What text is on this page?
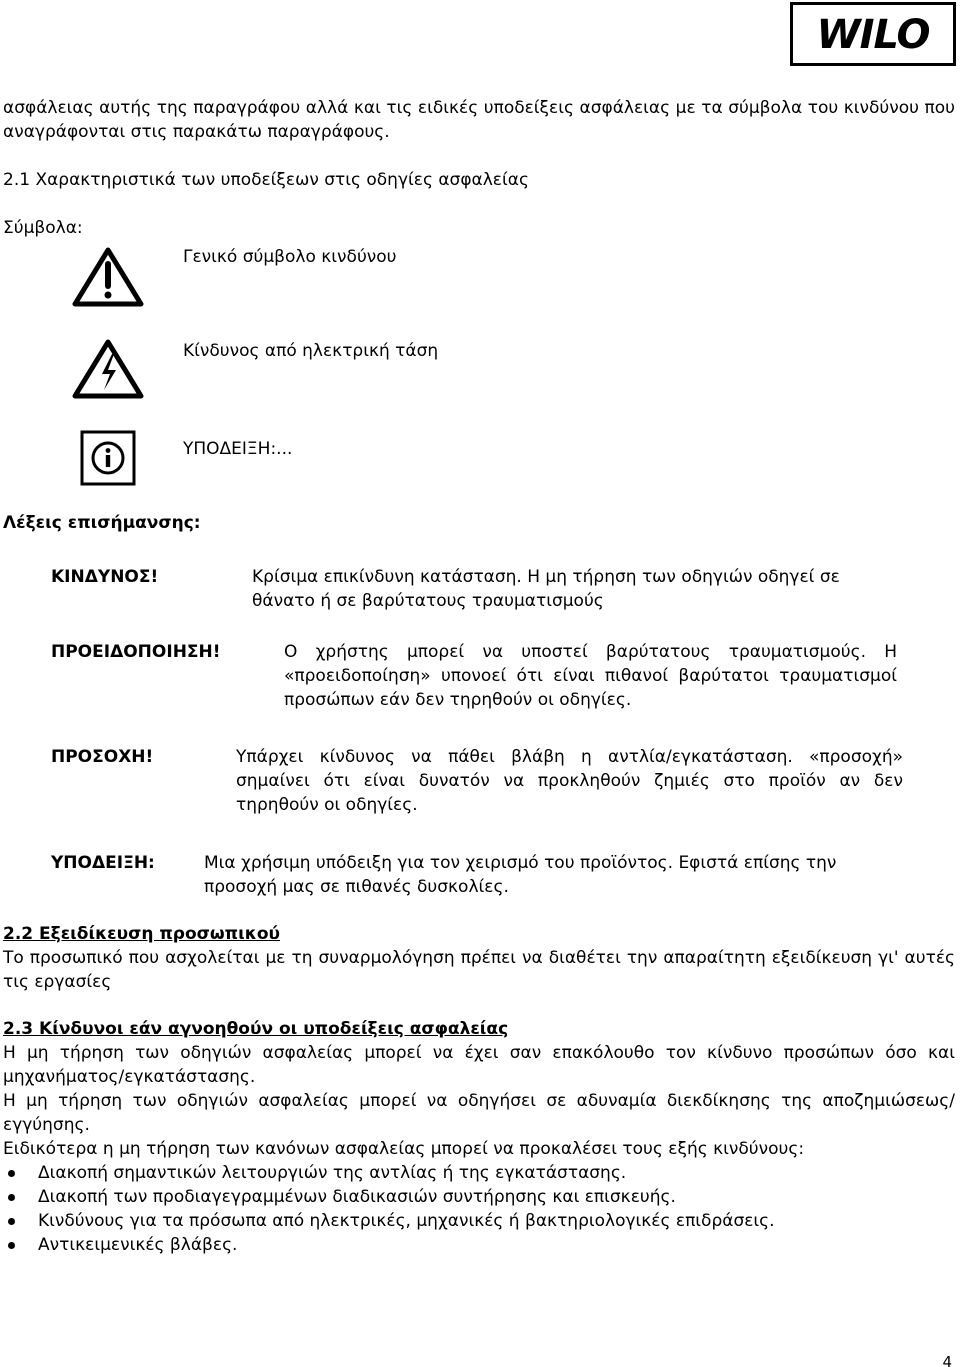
WILO

ασφάλειας αυτής της παραγράφου αλλά και τις ειδικές υποδείξεις ασφάλειας με τα σύμβολα του κινδύνου που αναγράφονται στις παρακάτω παραγράφους.

2.1 Χαρακτηριστικά των υποδείξεων στις οδηγίες ασφαλείας
Σύμβολα:
Γενικό σύμβολο κινδύνου
Κίνδυνος από ηλεκτρική τάση
ΥΠΟΔΕΙΞΗ:...
Λέξεις επισήμανσης:
ΚΙΝΔΥΝΟΣ!	Κρίσιμα επικίνδυνη κατάσταση. Η μη τήρηση των οδηγιών οδηγεί σε θάνατο ή σε βαρύτατους τραυματισμούς
ΠΡΟΕΙΔΟΠΟΙΗΣΗ!	Ο χρήστης μπορεί να υποστεί βαρύτατους τραυματισμούς. Η «προειδοποίηση» υπονοεί ότι είναι πιθανοί βαρύτατοι τραυματισμοί προσώπων εάν δεν τηρηθούν οι οδηγίες.
ΠΡΟΣΟΧΗ!	Υπάρχει κίνδυνος να πάθει βλάβη η αντλία/εγκατάσταση. «προσοχή» σημαίνει ότι είναι δυνατόν να προκληθούν ζημιές στο προϊόν αν δεν τηρηθούν οι οδηγίες.
ΥΠΟΔΕΙΞΗ:	Μια χρήσιμη υπόδειξη για τον χειρισμό του προϊόντος. Εφιστά επίσης την προσοχή μας σε πιθανές δυσκολίες.
2.2 Εξειδίκευση προσωπικού

Το προσωπικό που ασχολείται με τη συναρμολόγηση πρέπει να διαθέτει την απαραίτητη εξειδίκευση γι' αυτές τις εργασίες

2.3 Κίνδυνοι εάν αγνοηθούν οι υποδείξεις ασφαλείας

Η μη τήρηση των οδηγιών ασφαλείας μπορεί να έχει σαν επακόλουθο τον κίνδυνο προσώπων όσο και μηχανήματος/εγκατάστασης.

Η μη τήρηση των οδηγιών ασφαλείας μπορεί να οδηγήσει σε αδυναμία διεκδίκησης της αποζημιώσεως/εγγύησης.

Ειδικότερα η μη τήρηση των κανόνων ασφαλείας μπορεί να προκαλέσει τους εξής κινδύνους:

Διακοπή σημαντικών λειτουργιών της αντλίας ή της εγκατάστασης.
Διακοπή των προδιαγεγραμμένων διαδικασιών συντήρησης και επισκευής.
Κινδύνους για τα πρόσωπα από ηλεκτρικές, μηχανικές ή βακτηριολογικές επιδράσεις.
Αντικειμενικές βλάβες.
4
